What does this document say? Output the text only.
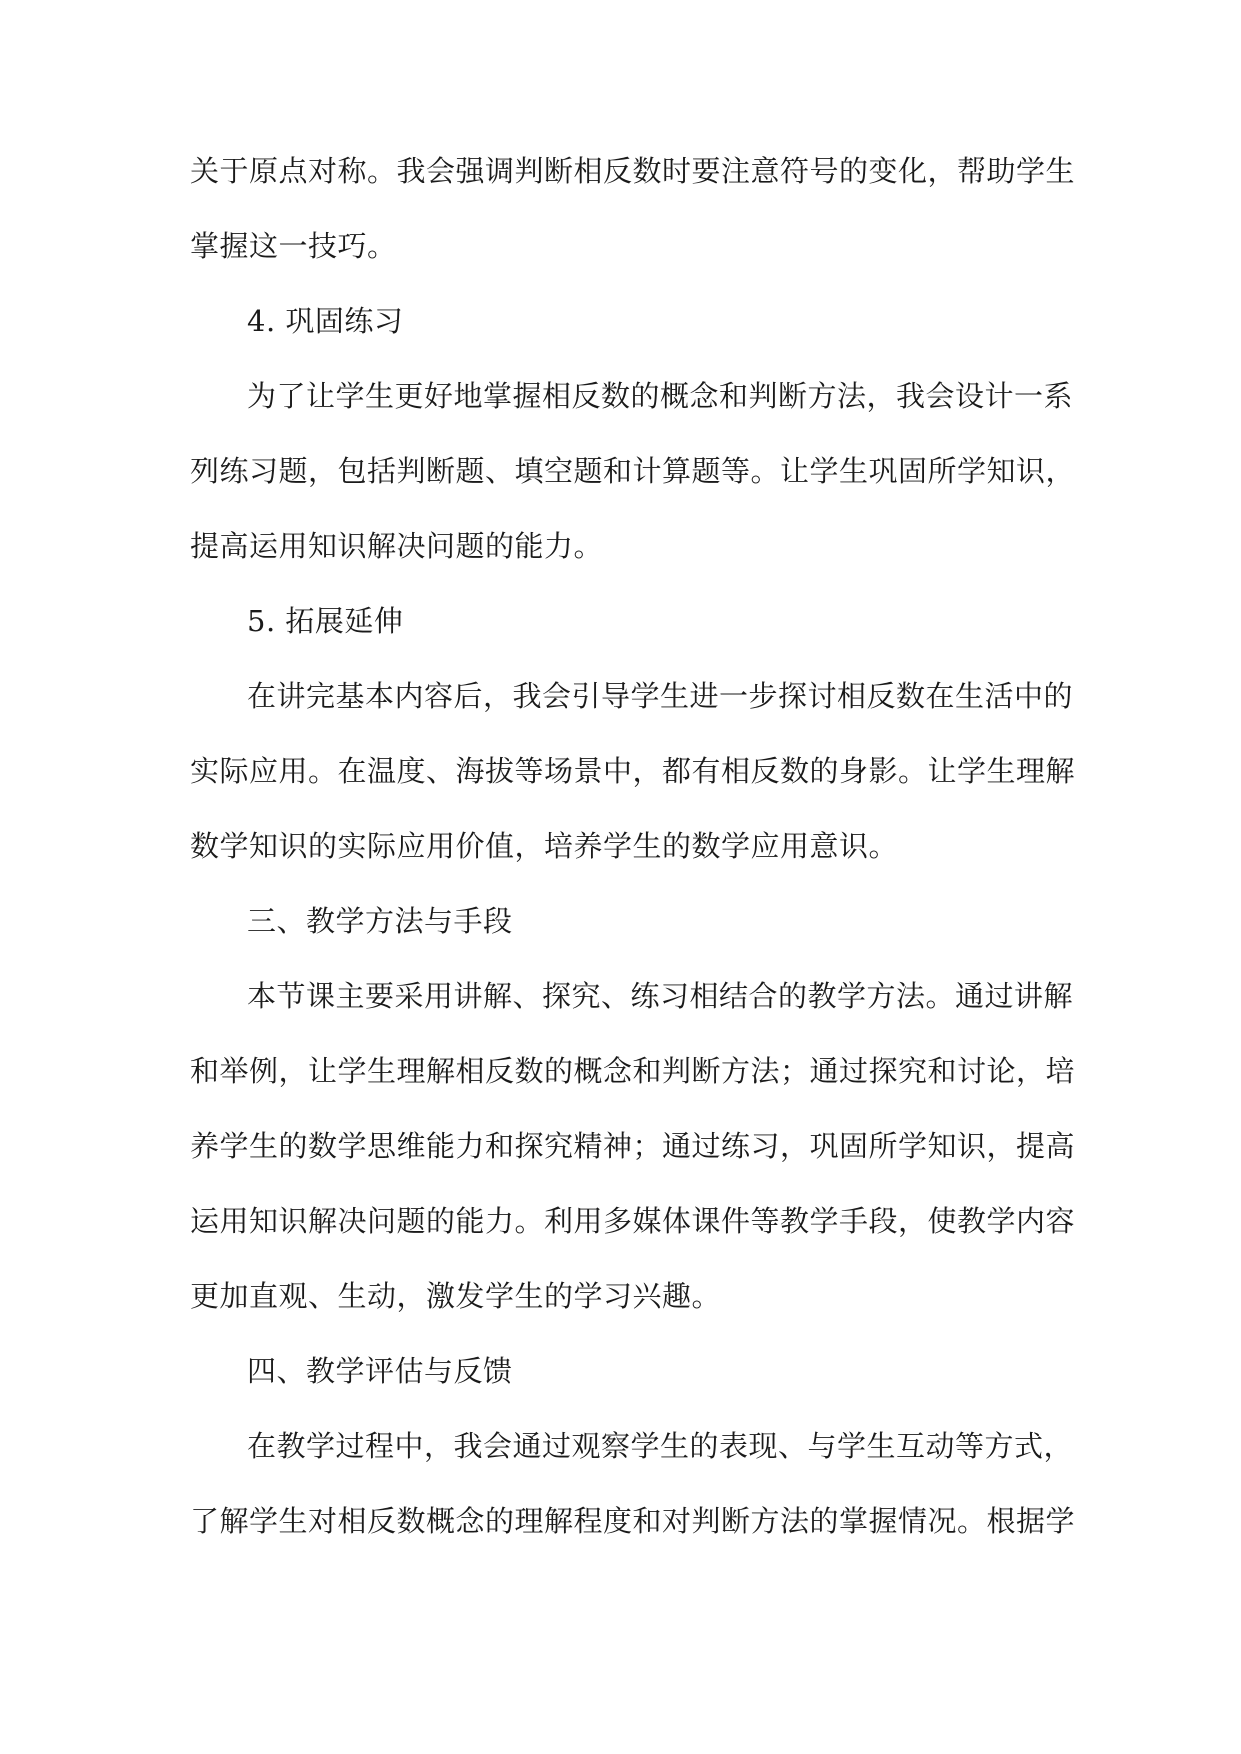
关于原点对称。我会强调判断相反数时要注意符号的变化，帮助学生
掌握这一技巧。
4. 巩固练习
为了让学生更好地掌握相反数的概念和判断方法，我会设计一系
列练习题，包括判断题、填空题和计算题等。让学生巩固所学知识，
提高运用知识解决问题的能力。
5. 拓展延伸
在讲完基本内容后，我会引导学生进一步探讨相反数在生活中的
实际应用。在温度、海拔等场景中，都有相反数的身影。让学生理解
数学知识的实际应用价值，培养学生的数学应用意识。
三、教学方法与手段
本节课主要采用讲解、探究、练习相结合的教学方法。通过讲解
和举例，让学生理解相反数的概念和判断方法；通过探究和讨论，培
养学生的数学思维能力和探究精神；通过练习，巩固所学知识，提高
运用知识解决问题的能力。利用多媒体课件等教学手段，使教学内容
更加直观、生动，激发学生的学习兴趣。
四、教学评估与反馈
在教学过程中，我会通过观察学生的表现、与学生互动等方式，
了解学生对相反数概念的理解程度和对判断方法的掌握情况。根据学
